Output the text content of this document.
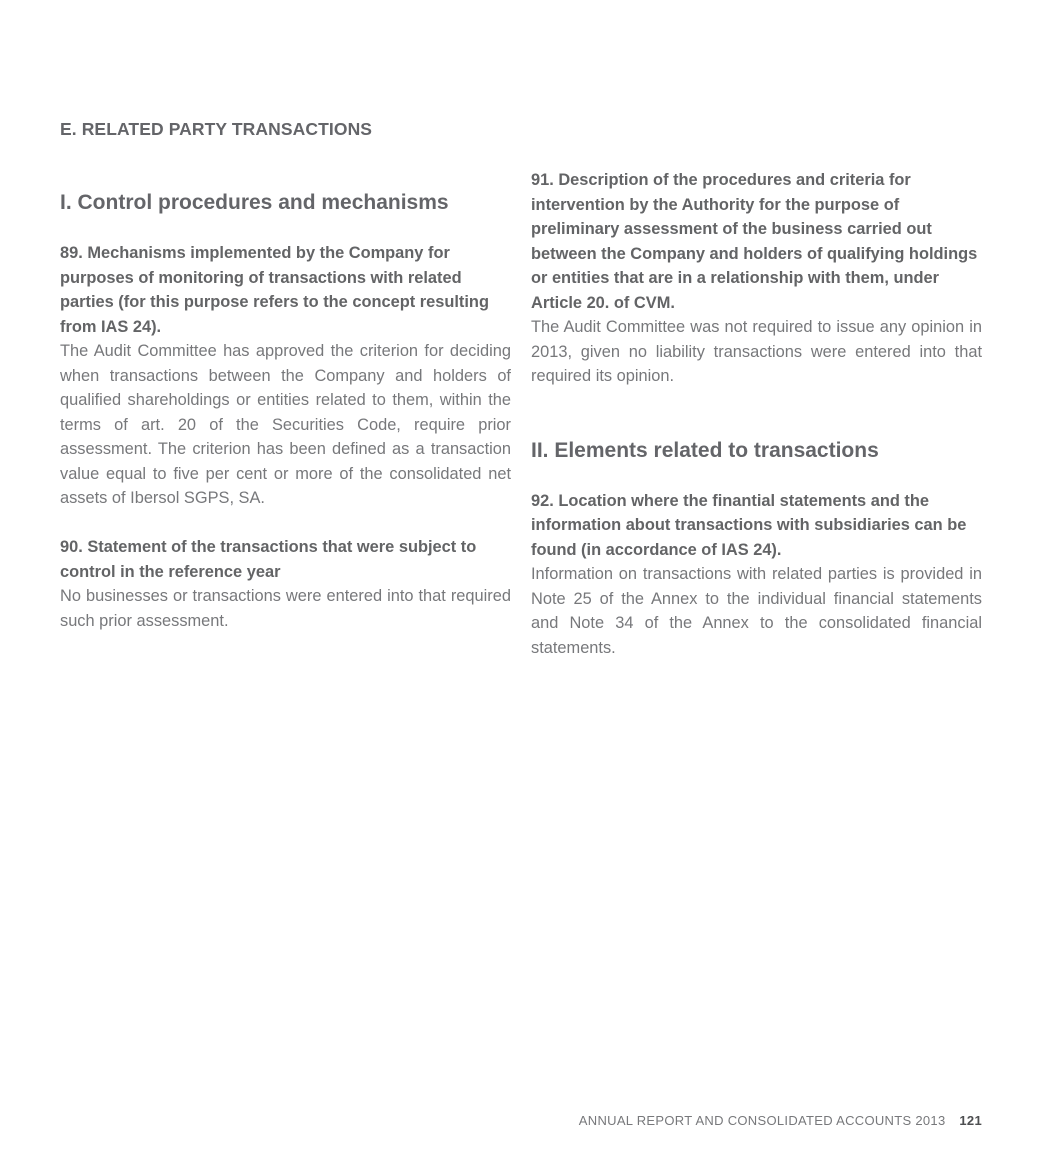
E. RELATED PARTY TRANSACTIONS
I. Control procedures and mechanisms

89. Mechanisms implemented by the Company for purposes of monitoring of transactions with related parties (for this purpose refers to the concept resulting from IAS 24).

The Audit Committee has approved the criterion for deciding when transactions between the Company and holders of qualified shareholdings or entities related to them, within the terms of art. 20 of the Securities Code, require prior assessment. The criterion has been defined as a transaction value equal to five per cent or more of the consolidated net assets of Ibersol SGPS, SA.

90. Statement of the transactions that were subject to control in the reference year

No businesses or transactions were entered into that required such prior assessment.

91. Description of the procedures and criteria for intervention by the Authority for the purpose of preliminary assessment of the business carried out between the Company and holders of qualifying holdings or entities that are in a relationship with them, under Article 20. of CVM.

The Audit Committee was not required to issue any opinion in 2013, given no liability transactions were entered into that required its opinion.

II. Elements related to transactions

92. Location where the finantial statements and the information about transactions with subsidiaries can be found (in accordance of IAS 24).

Information on transactions with related parties is provided in Note 25 of the Annex to the individual financial statements and Note 34 of the Annex to the consolidated financial statements.

ANNUAL REPORT AND CONSOLIDATED ACCOUNTS 2013 121
